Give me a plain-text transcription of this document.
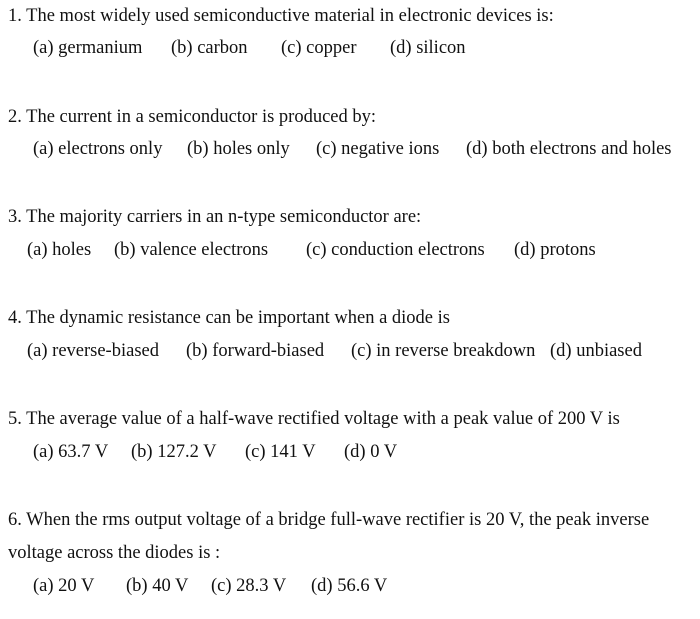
1. The most widely used semiconductive material in electronic devices is:
(a) germanium (b) carbon (c) copper (d) silicon
2. The current in a semiconductor is produced by:
(a) electrons only (b) holes only (c) negative ions (d) both electrons and holes
3. The majority carriers in an n-type semiconductor are:
(a) holes (b) valence electrons (c) conduction electrons (d) protons
4. The dynamic resistance can be important when a diode is
(a) reverse-biased (b) forward-biased (c) in reverse breakdown (d) unbiased
5. The average value of a half-wave rectified voltage with a peak value of 200 V is
(a) 63.7 V (b) 127.2 V (c) 141 V (d) 0 V
6. When the rms output voltage of a bridge full-wave rectifier is 20 V, the peak inverse
voltage across the diodes is :
(a) 20 V (b) 40 V (c) 28.3 V (d) 56.6 V
